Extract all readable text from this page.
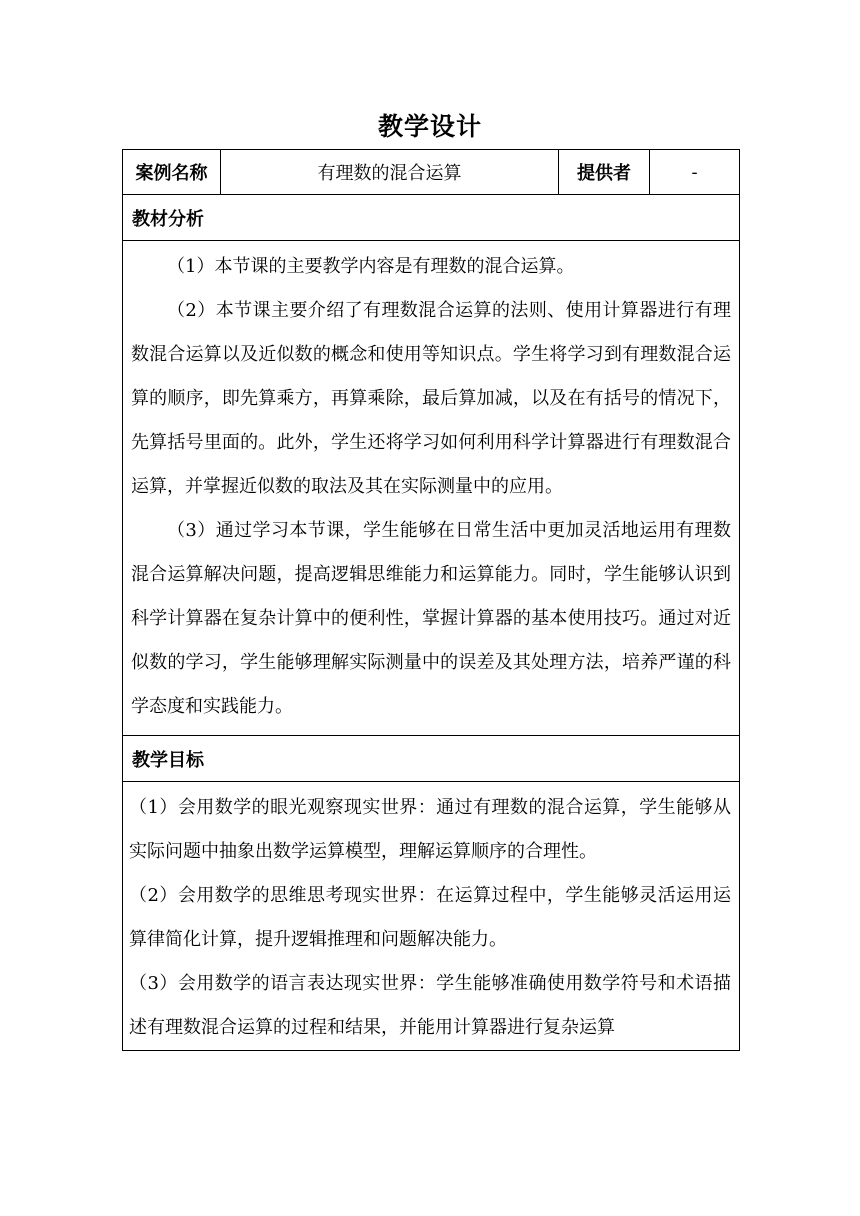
教学设计
案例名称	有理数的混合运算	提供者	-
教材分析

（1）本节课的主要教学内容是有理数的混合运算。

（2）本节课主要介绍了有理数混合运算的法则、使用计算器进行有理数混合运算以及近似数的概念和使用等知识点。学生将学习到有理数混合运算的顺序，即先算乘方，再算乘除，最后算加减，以及在有括号的情况下，先算括号里面的。此外，学生还将学习如何利用科学计算器进行有理数混合运算，并掌握近似数的取法及其在实际测量中的应用。

（3）通过学习本节课，学生能够在日常生活中更加灵活地运用有理数混合运算解决问题，提高逻辑思维能力和运算能力。同时，学生能够认识到科学计算器在复杂计算中的便利性，掌握计算器的基本使用技巧。通过对近似数的学习，学生能够理解实际测量中的误差及其处理方法，培养严谨的科学态度和实践能力。

教学目标

（1）会用数学的眼光观察现实世界：通过有理数的混合运算，学生能够从实际问题中抽象出数学运算模型，理解运算顺序的合理性。

（2）会用数学的思维思考现实世界：在运算过程中，学生能够灵活运用运算律简化计算，提升逻辑推理和问题解决能力。

（3）会用数学的语言表达现实世界：学生能够准确使用数学符号和术语描述有理数混合运算的过程和结果，并能用计算器进行复杂运算
